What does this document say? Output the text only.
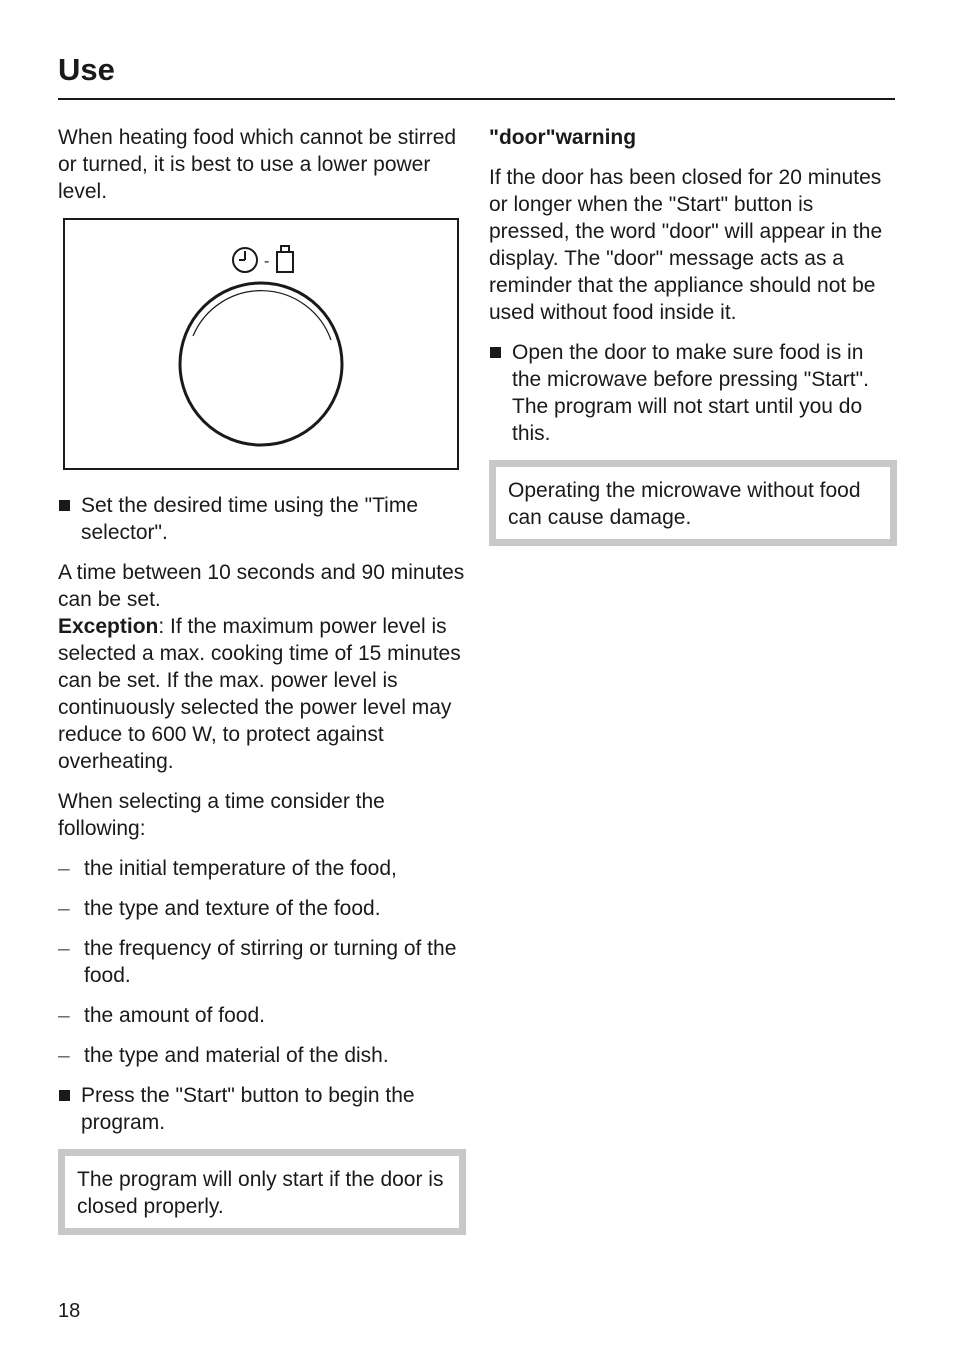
Use

When heating food which cannot be stirred or turned, it is best to use a lower power level.

-
Set the desired time using the "Time selector".

A time between 10 seconds and 90 minutes can be set.
Exception: If the maximum power level is selected a max. cooking time of 15 minutes can be set. If the max. power level is continuously selected the power level may reduce to 600 W, to protect against overheating.

When selecting a time consider the following:

– the initial temperature of the food,
– the type and texture of the food.
– the frequency of stirring or turning of the food.
– the amount of food.
– the type and material of the dish.
Press the "Start" button to begin the program.
The program will only start if the door is closed properly.
"door"warning

If the door has been closed for 20 minutes or longer when the "Start" button is pressed, the word "door" will appear in the display. The "door" message acts as a reminder that the appliance should not be used without food inside it.

Open the door to make sure food is in the microwave before pressing "Start".
The program will not start until you do this.
Operating the microwave without food can cause damage.
18
